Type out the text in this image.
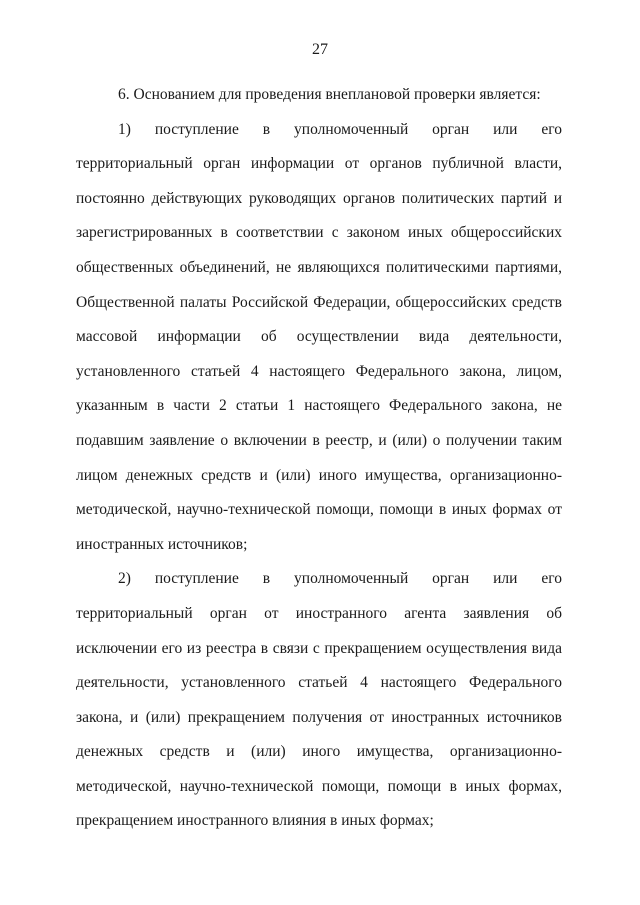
27

6. Основанием для проведения внеплановой проверки является:

1) поступление в уполномоченный орган или его территориальный орган информации от органов публичной власти, постоянно действующих руководящих органов политических партий и зарегистрированных в соответствии с законом иных общероссийских общественных объединений, не являющихся политическими партиями, Общественной палаты Российской Федерации, общероссийских средств массовой информации об осуществлении вида деятельности, установленного статьей 4 настоящего Федерального закона, лицом, указанным в части 2 статьи 1 настоящего Федерального закона, не подавшим заявление о включении в реестр, и (или) о получении таким лицом денежных средств и (или) иного имущества, организационно-методической, научно-технической помощи, помощи в иных формах от иностранных источников;

2) поступление в уполномоченный орган или его территориальный орган от иностранного агента заявления об исключении его из реестра в связи с прекращением осуществления вида деятельности, установленного статьей 4 настоящего Федерального закона, и (или) прекращением получения от иностранных источников денежных средств и (или) иного имущества, организационно-методической, научно-технической помощи, помощи в иных формах, прекращением иностранного влияния в иных формах;
